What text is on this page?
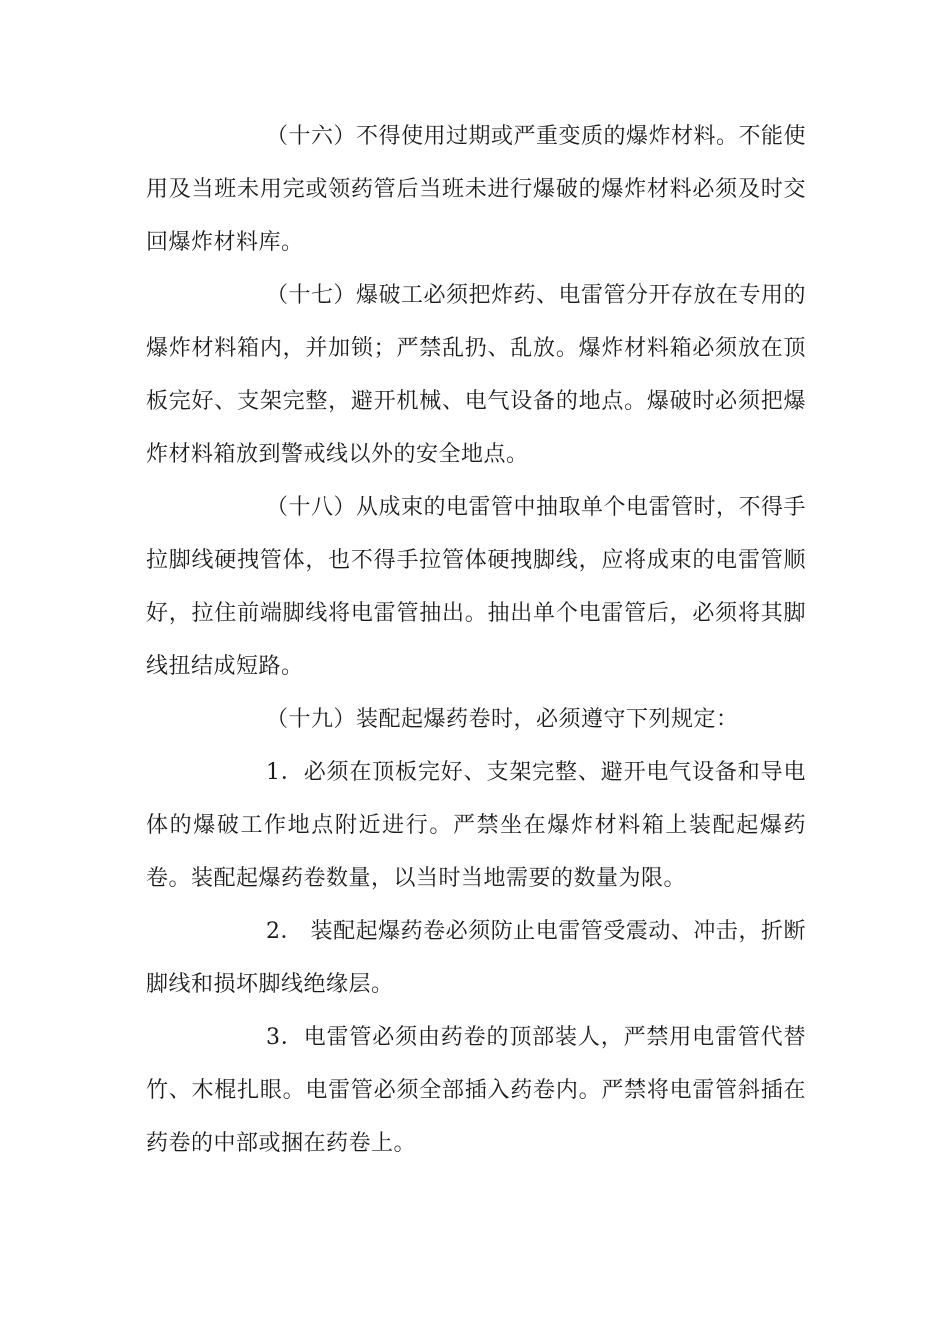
（十六）不得使用过期或严重变质的爆炸材料。不能使用及当班未用完或领药管后当班未进行爆破的爆炸材料必须及时交回爆炸材料库。

（十七）爆破工必须把炸药、电雷管分开存放在专用的爆炸材料箱内，并加锁；严禁乱扔、乱放。爆炸材料箱必须放在顶板完好、支架完整，避开机械、电气设备的地点。爆破时必须把爆炸材料箱放到警戒线以外的安全地点。

（十八）从成束的电雷管中抽取单个电雷管时，不得手拉脚线硬拽管体，也不得手拉管体硬拽脚线，应将成束的电雷管顺好，拉住前端脚线将电雷管抽出。抽出单个电雷管后，必须将其脚线扭结成短路。

（十九）装配起爆药卷时，必须遵守下列规定：

1．必须在顶板完好、支架完整、避开电气设备和导电体的爆破工作地点附近进行。严禁坐在爆炸材料箱上装配起爆药卷。装配起爆药卷数量，以当时当地需要的数量为限。

2． 装配起爆药卷必须防止电雷管受震动、冲击，折断脚线和损坏脚线绝缘层。

3．电雷管必须由药卷的顶部装人，严禁用电雷管代替竹、木棍扎眼。电雷管必须全部插入药卷内。严禁将电雷管斜插在药卷的中部或捆在药卷上。
